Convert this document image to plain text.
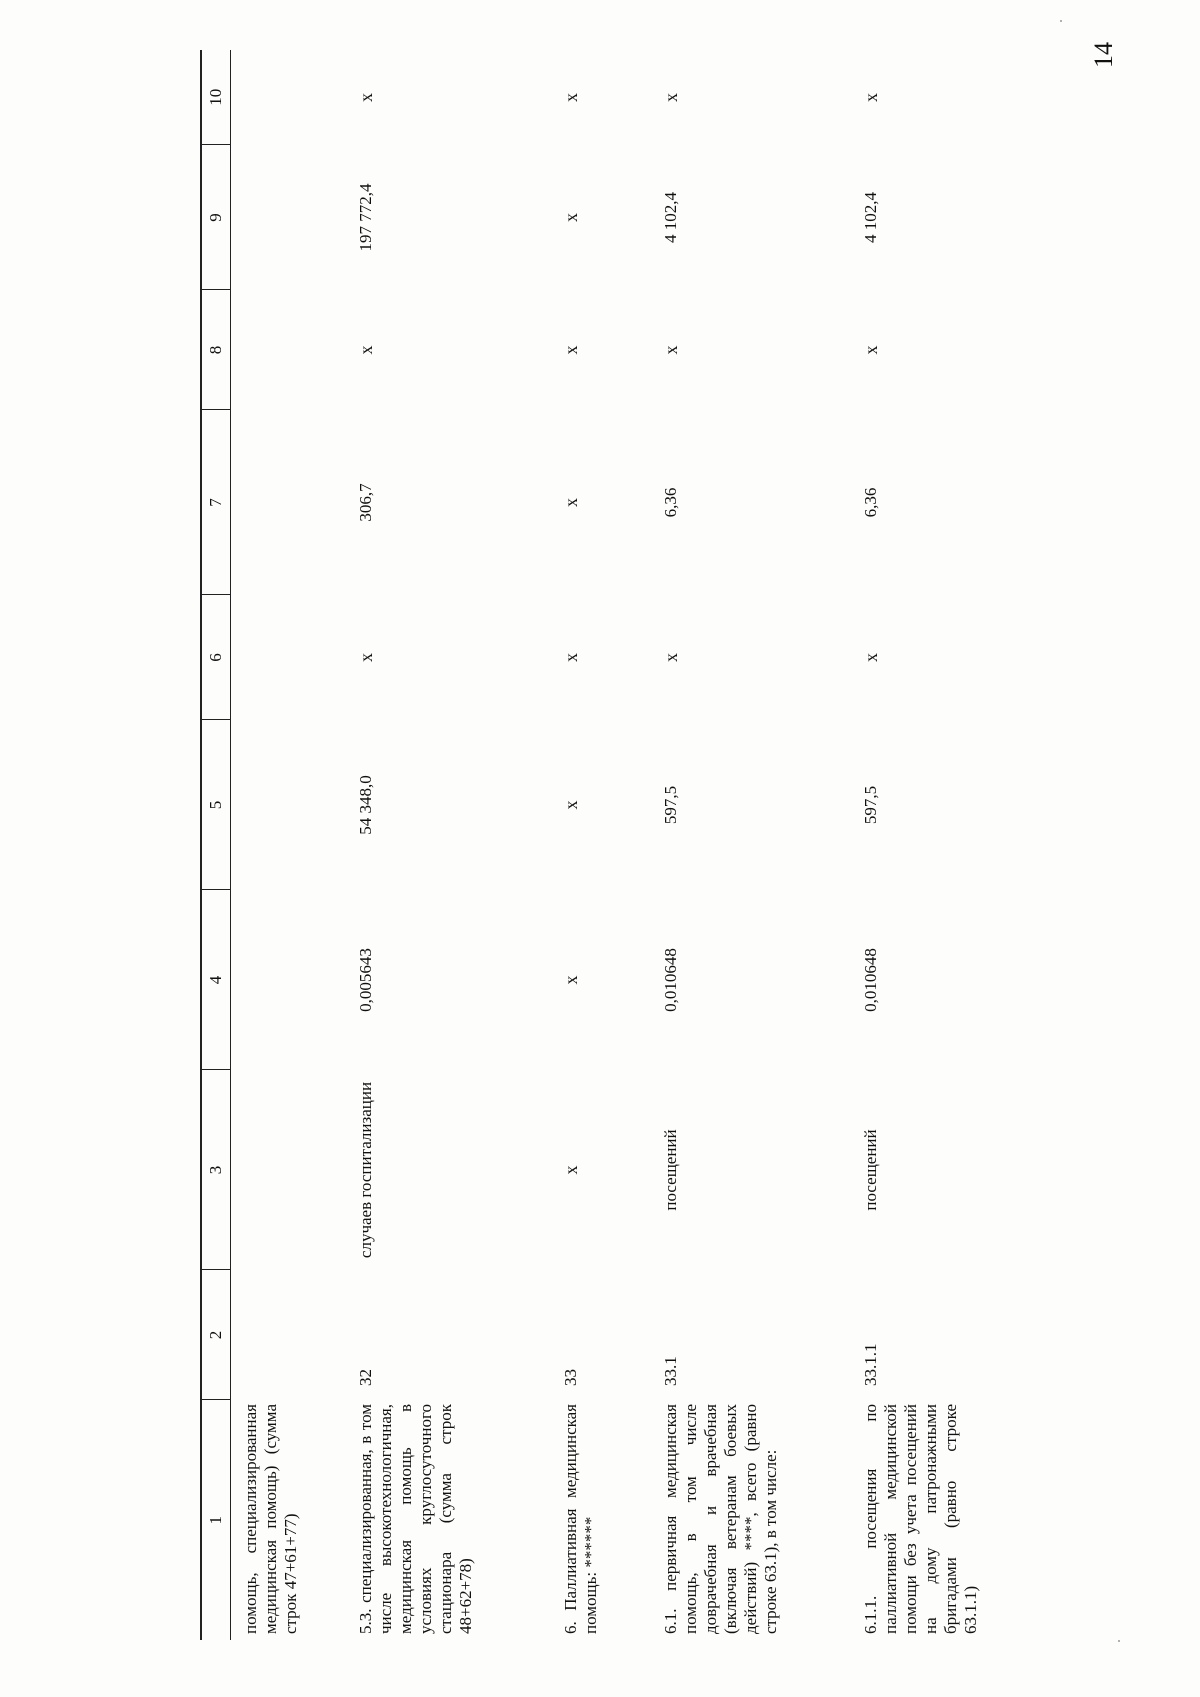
14
1	2	3	4	5	6	7	8	9	10
помощь, специализированная медицинская помощь) (сумма строк 47+61+77)									
5.3. специализированная, в том числе высокотехнологичная, медицинская помощь в условиях круглосуточного стационара (сумма строк 48+62+78)	32	случаев госпитализации	0,005643	54 348,0	х	306,7	х	197 772,4	х
6. Паллиативная медицинская помощь: ******	33	х	х	х	х	х	х	х	х
6.1. первичная медицинская помощь, в том числе доврачебная и врачебная (включая ветеранам боевых действий) ****, всего (равно строке 63.1), в том числе:	33.1	посещений	0,010648	597,5	х	6,36	х	4 102,4	х
6.1.1. посещения по паллиативной медицинской помощи без учета посещений на дому патронажными бригадами (равно строке 63.1.1)	33.1.1	посещений	0,010648	597,5	х	6,36	х	4 102,4	х
